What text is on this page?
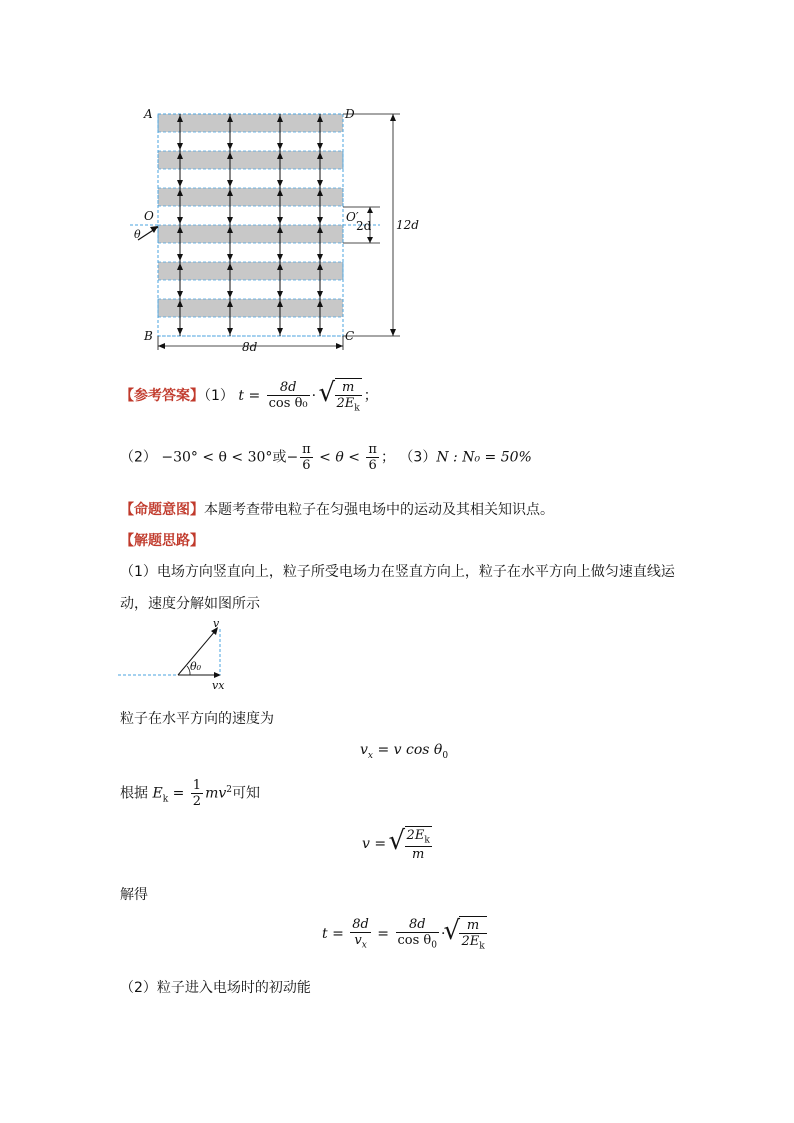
A	D
B	C
O
θ
O′
2d 12d
8d
【参考答案】（1） $t = \frac{8d}{\text{cos θ₀}}$ · √ $\frac{m}{2E_k}$ ；
（2） −30° < θ < 30°或− $\frac{\pi}{6} < \theta < \frac{\pi}{6}$ ； （3）N : N₀ = 50%
【命题意图】本题考查带电粒子在匀强电场中的运动及其相关知识点。
【解题思路】
（1）电场方向竖直向上，粒子所受电场力在竖直方向上，粒子在水平方向上做匀速直线运
动，速度分解如图所示
v
θ₀
vx
粒子在水平方向的速度为
$v_x = v$ $\cos \theta_0$
根据 $E_k = \frac{1}{2} mv^2$可知
v = √ $\frac{2E_k}{m}$
解得
$t = \frac{8d}{v_x} = \frac{8d}{\cos \theta_0}$ · √ $\frac{m}{2E_k}$
（2）粒子进入电场时的初动能
